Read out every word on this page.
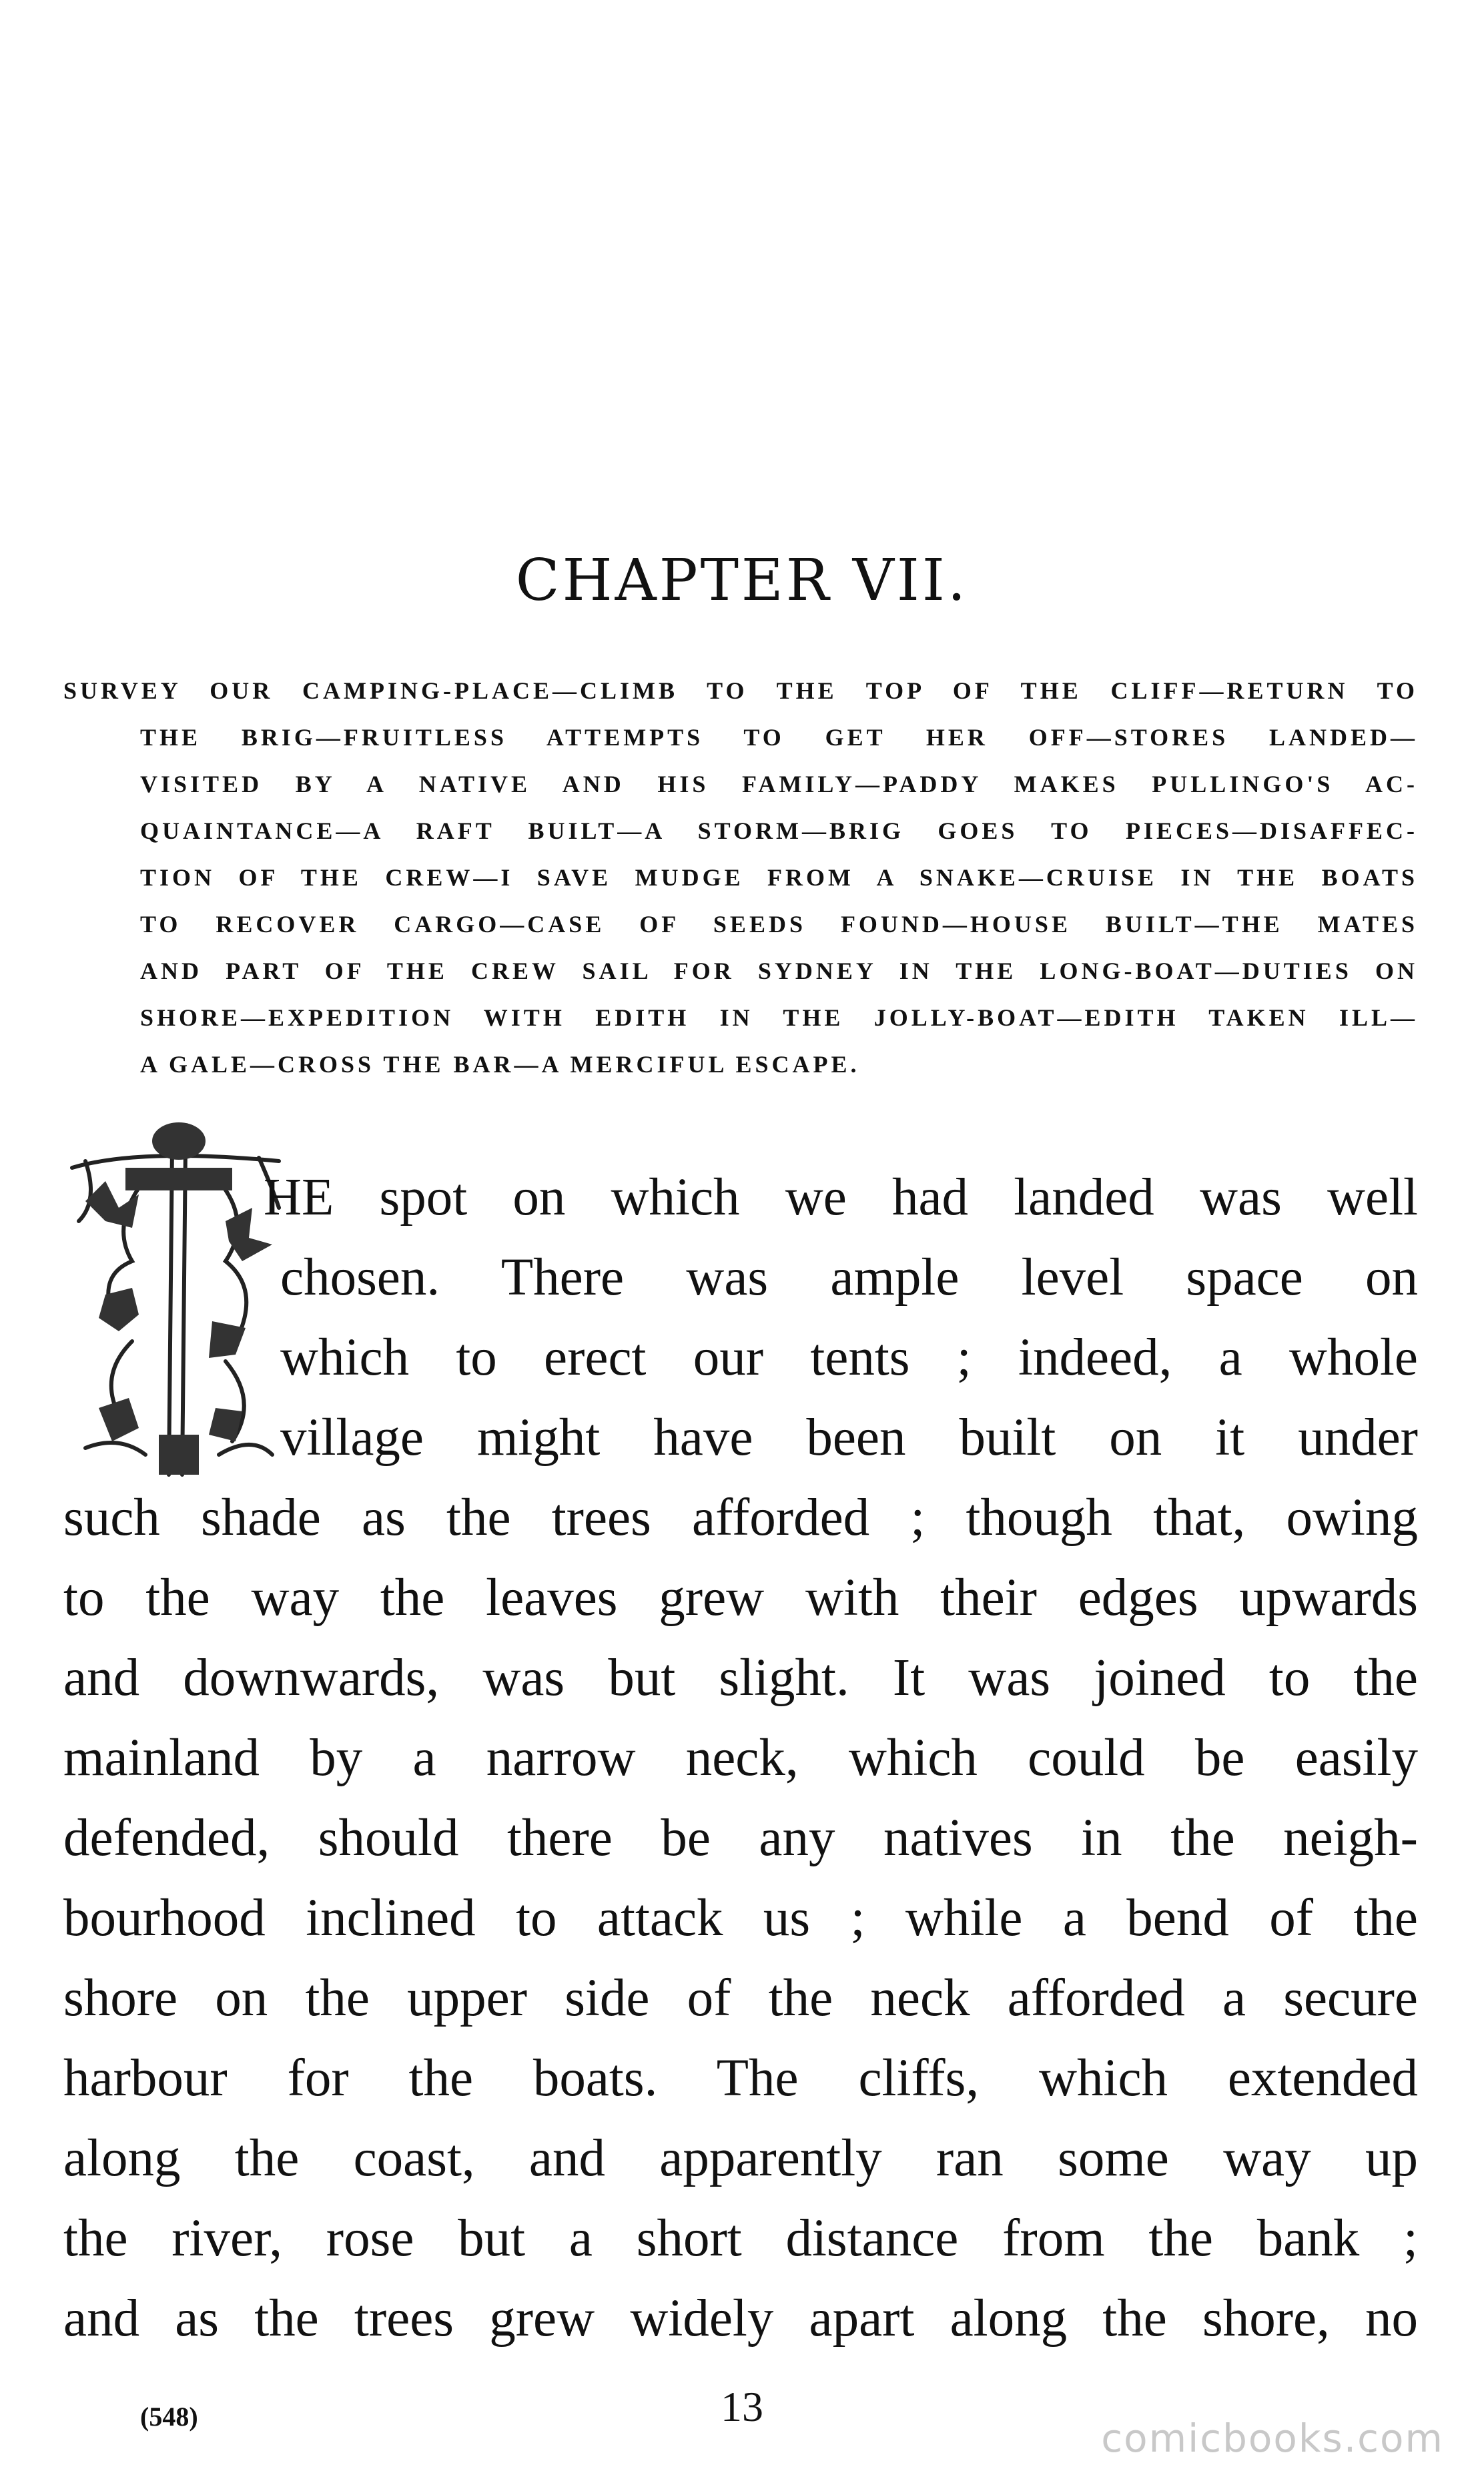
CHAPTER VII.
SURVEY OUR CAMPING-PLACE—CLIMB TO THE TOP OF THE CLIFF—RETURN TO
THE BRIG—FRUITLESS ATTEMPTS TO GET HER OFF—STORES LANDED—
VISITED BY A NATIVE AND HIS FAMILY—PADDY MAKES PULLINGO'S AC-
QUAINTANCE—A RAFT BUILT—A STORM—BRIG GOES TO PIECES—DISAFFEC-
TION OF THE CREW—I SAVE MUDGE FROM A SNAKE—CRUISE IN THE BOATS
TO RECOVER CARGO—CASE OF SEEDS FOUND—HOUSE BUILT—THE MATES
AND PART OF THE CREW SAIL FOR SYDNEY IN THE LONG-BOAT—DUTIES ON
SHORE—EXPEDITION WITH EDITH IN THE JOLLY-BOAT—EDITH TAKEN ILL—
A GALE—CROSS THE BAR—A MERCIFUL ESCAPE.
HE spot on which we had landed was well
chosen. There was ample level space on
which to erect our tents ; indeed, a whole
village might have been built on it under
such shade as the trees afforded ; though that, owing
to the way the leaves grew with their edges upwards
and downwards, was but slight. It was joined to the
mainland by a narrow neck, which could be easily
defended, should there be any natives in the neigh-
bourhood inclined to attack us ; while a bend of the
shore on the upper side of the neck afforded a secure
harbour for the boats. The cliffs, which extended
along the coast, and apparently ran some way up
the river, rose but a short distance from the bank ;
and as the trees grew widely apart along the shore, no
(548)	13
comicbooks.com
